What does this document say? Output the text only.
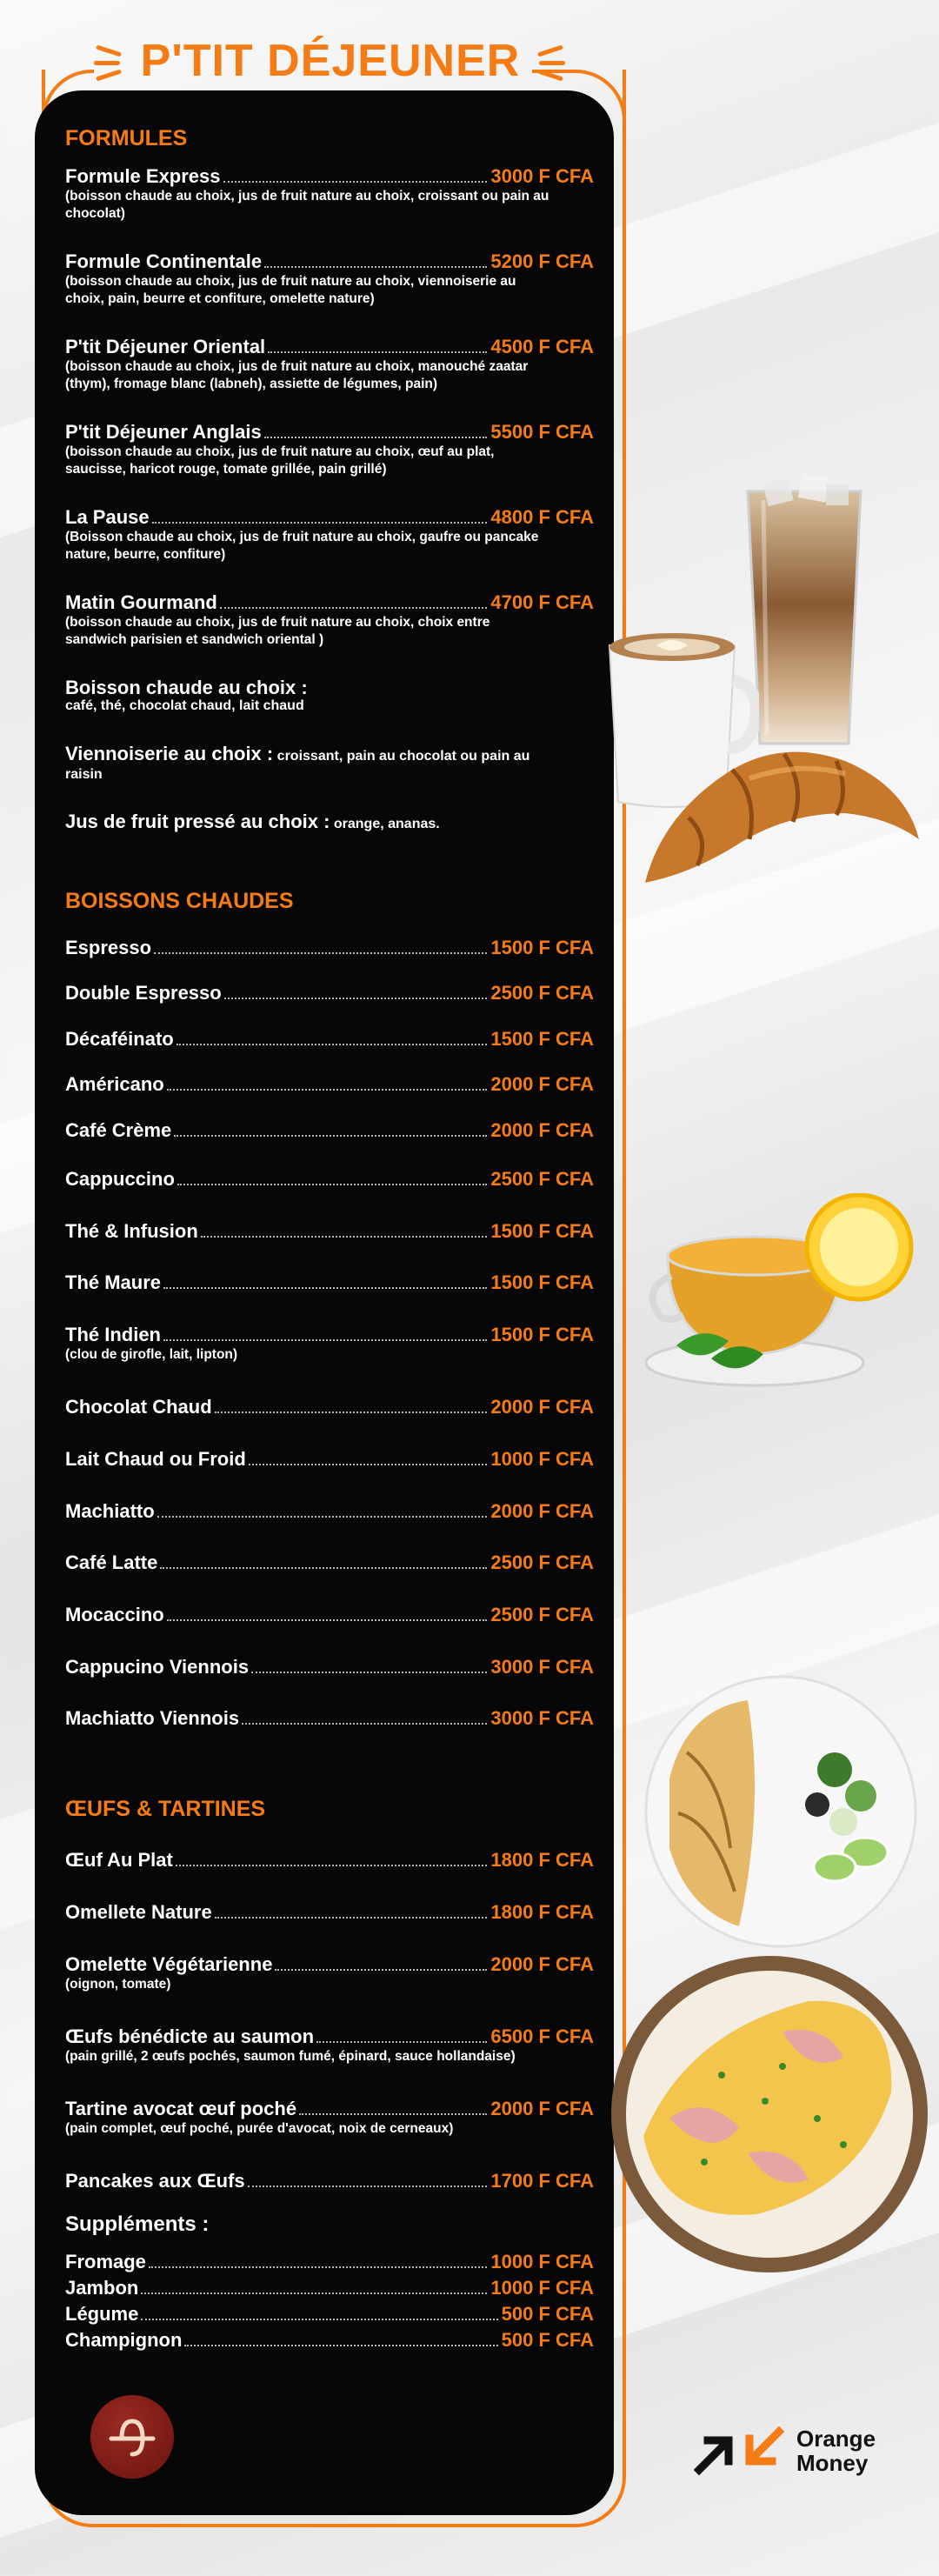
P'TIT DÉJEUNER
FORMULES
Formule Express	3000 F CFA
(boisson chaude au choix, jus de fruit nature au choix, croissant ou pain au chocolat)
Formule Continentale	5200 F CFA
(boisson chaude au choix, jus de fruit nature au choix, viennoiserie au choix, pain, beurre et confiture, omelette nature)
P'tit Déjeuner Oriental	4500 F CFA
(boisson chaude au choix, jus de fruit nature au choix, manouché zaatar (thym), fromage blanc (labneh), assiette de légumes, pain)
P'tit Déjeuner Anglais	5500 F CFA
(boisson chaude au choix, jus de fruit nature au choix, œuf au plat, saucisse, haricot rouge, tomate grillée, pain grillé)
La Pause	4800 F CFA
(Boisson chaude au choix, jus de fruit nature au choix, gaufre ou pancake nature, beurre, confiture)
Matin Gourmand	4700 F CFA
(boisson chaude au choix, jus de fruit nature au choix, choix entre sandwich parisien et sandwich oriental )
Boisson chaude au choix :
café, thé, chocolat chaud, lait chaud
Viennoiserie au choix : croissant, pain au chocolat ou pain au raisin
Jus de fruit pressé au choix : orange, ananas.
BOISSONS CHAUDES
Espresso	1500 F CFA
Double Espresso	2500 F CFA
Décaféinato	1500 F CFA
Américano	2000 F CFA
Café Crème	2000 F CFA
Cappuccino	2500 F CFA
Thé & Infusion	1500 F CFA
Thé Maure	1500 F CFA
Thé Indien	1500 F CFA
(clou de girofle, lait, lipton)
Chocolat Chaud	2000 F CFA
Lait Chaud ou Froid	1000 F CFA
Machiatto	2000 F CFA
Café Latte	2500 F CFA
Mocaccino	2500 F CFA
Cappucino Viennois	3000 F CFA
Machiatto Viennois	3000 F CFA
ŒUFS & TARTINES
Œuf Au Plat	1800 F CFA
Omellete Nature	1800 F CFA
Omelette Végétarienne	2000 F CFA
(oignon, tomate)
Œufs bénédicte au saumon	6500 F CFA
(pain grillé, 2 œufs pochés, saumon fumé, épinard, sauce hollandaise)
Tartine avocat œuf poché	2000 F CFA
(pain complet, œuf poché, purée d'avocat, noix de cerneaux)
Pancakes aux Œufs	1700 F CFA
Suppléments :
Fromage	1000 F CFA
Jambon	1000 F CFA
Légume	500 F CFA
Champignon	500 F CFA
Orange
Money
